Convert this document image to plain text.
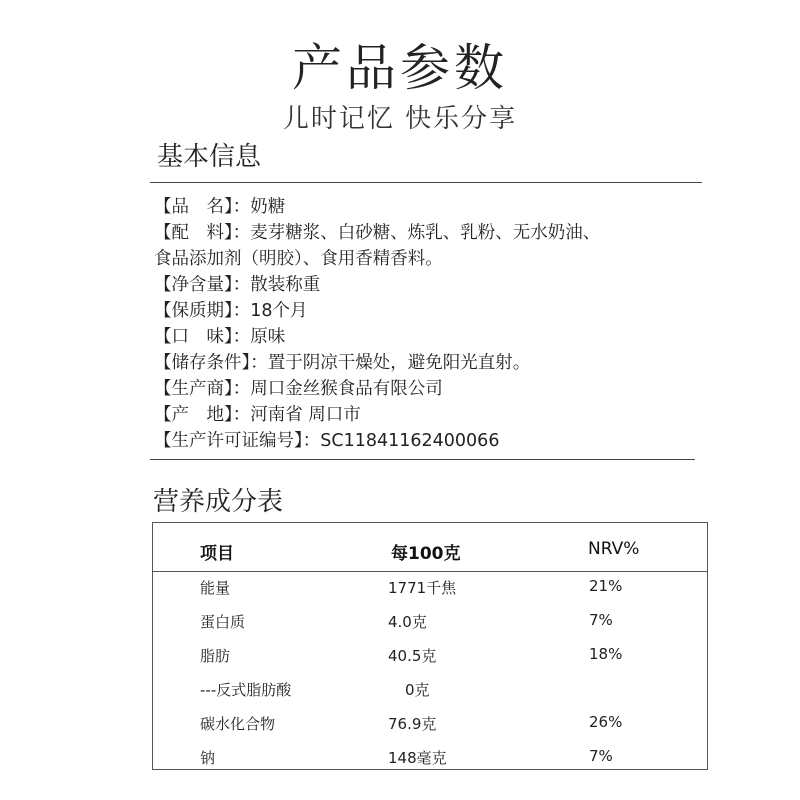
产品参数
儿时记忆 快乐分享
基本信息
【品　名】：奶糖
【配　料】：麦芽糖浆、白砂糖、炼乳、乳粉、无水奶油、
食品添加剂（明胶）、食用香精香料。
【净含量】：散装称重
【保质期】：18个月
【口　味】：原味
【储存条件】：置于阴凉干燥处，避免阳光直射。
【生产商】：周口金丝猴食品有限公司
【产　地】：河南省 周口市
【生产许可证编号】：SC11841162400066
营养成分表
项目	每100克	NRV%
能量	1771千焦	21%
蛋白质	4.0克	7%
脂肪	40.5克	18%
---反式脂肪酸	0克
碳水化合物	76.9克	26%
钠	148毫克	7%
